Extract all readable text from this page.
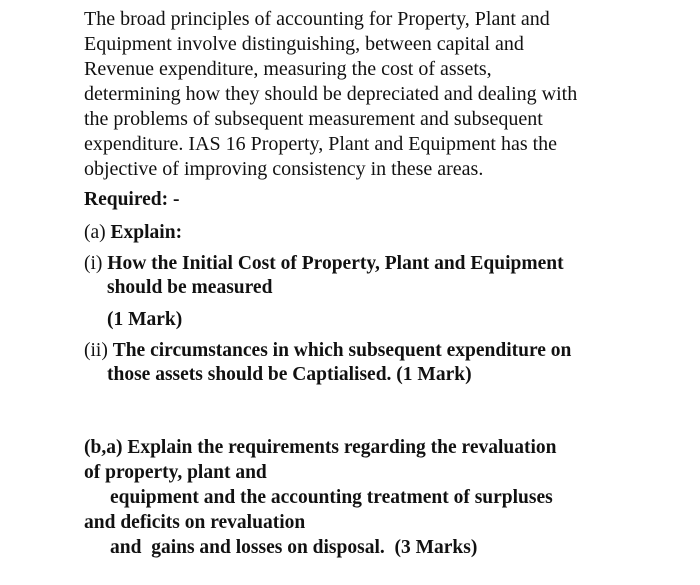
The broad principles of accounting for Property, Plant and
Equipment involve distinguishing, between capital and
Revenue expenditure, measuring the cost of assets,
determining how they should be depreciated and dealing with
the problems of subsequent measurement and subsequent
expenditure. IAS 16 Property, Plant and Equipment has the
objective of improving consistency in these areas.
Required: -
(a) Explain:
(i) How the Initial Cost of Property, Plant and Equipment
should be measured
(1 Mark)
(ii) The circumstances in which subsequent expenditure on
those assets should be Captialised. (1 Mark)
(b,a) Explain the requirements regarding the revaluation
of property, plant and
equipment and the accounting treatment of surpluses
and deficits on revaluation
and  gains and losses on disposal.  (3 Marks)
